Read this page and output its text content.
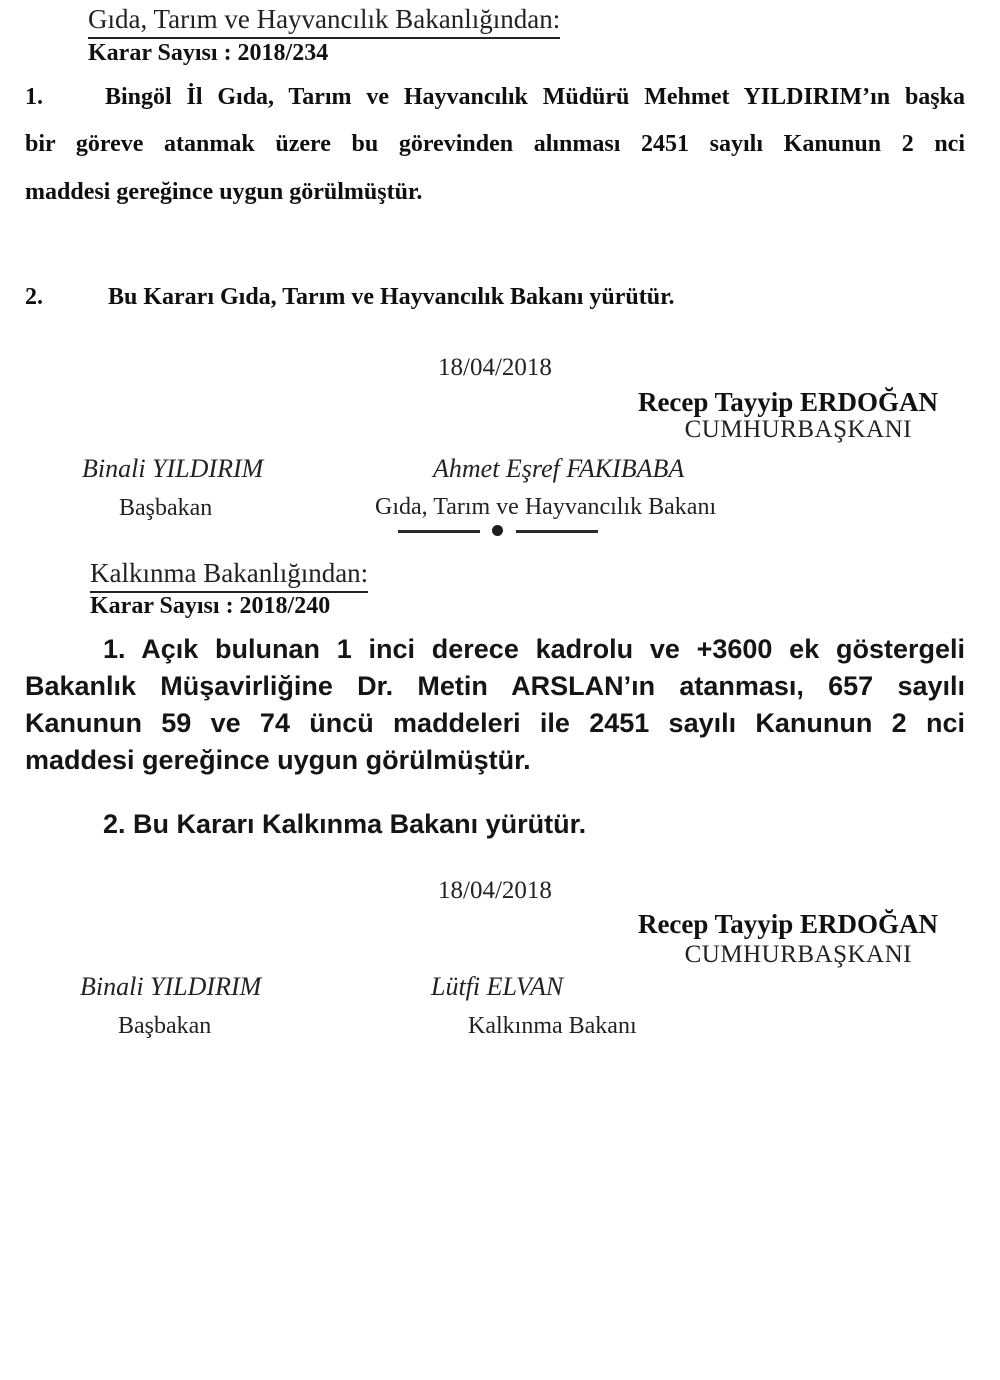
Gıda, Tarım ve Hayvancılık Bakanlığından:
Karar Sayısı : 2018/234
1.	Bingöl İl Gıda, Tarım ve Hayvancılık Müdürü Mehmet YILDIRIM’ın başka
bir göreve atanmak üzere bu görevinden alınması 2451 sayılı Kanunun 2 nci
maddesi gereğince uygun görülmüştür.
2.	Bu Kararı Gıda, Tarım ve Hayvancılık Bakanı yürütür.
18/04/2018
Recep Tayyip ERDOĞAN
CUMHURBAŞKANI
Binali YILDIRIM	Ahmet Eşref FAKIBABA
Başbakan	Gıda, Tarım ve Hayvancılık Bakanı
Kalkınma Bakanlığından:
Karar Sayısı : 2018/240
1. Açık bulunan 1 inci derece kadrolu ve +3600 ek göstergeli
Bakanlık Müşavirliğine Dr. Metin ARSLAN’ın atanması, 657 sayılı
Kanunun 59 ve 74 üncü maddeleri ile 2451 sayılı Kanunun 2 nci
maddesi gereğince uygun görülmüştür.
2. Bu Kararı Kalkınma Bakanı yürütür.
18/04/2018
Recep Tayyip ERDOĞAN
CUMHURBAŞKANI
Binali YILDIRIM	Lütfi ELVAN
Başbakan	Kalkınma Bakanı
